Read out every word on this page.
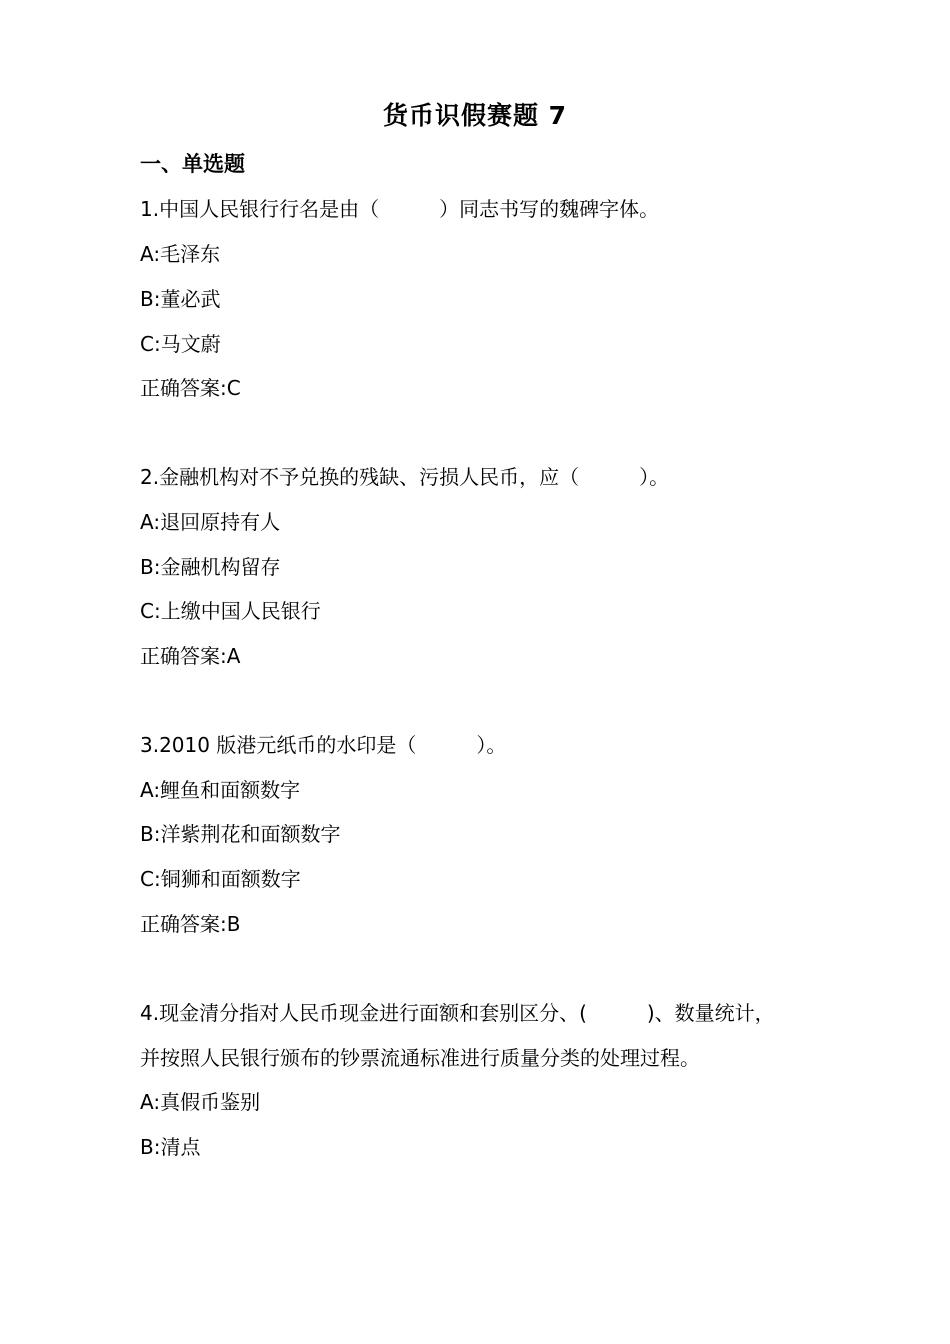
货币识假赛题 7
一、单选题
1.中国人民银行行名是由（　　　）同志书写的魏碑字体。
A:毛泽东
B:董必武
C:马文蔚
正确答案:C
2.金融机构对不予兑换的残缺、污损人民币，应（　　　）。
A:退回原持有人
B:金融机构留存
C:上缴中国人民银行
正确答案:A
3.2010 版港元纸币的水印是（　　　）。
A:鲤鱼和面额数字
B:洋紫荆花和面额数字
C:铜狮和面额数字
正确答案:B
4.现金清分指对人民币现金进行面额和套别区分、(　　　)、数量统计，
并按照人民银行颁布的钞票流通标准进行质量分类的处理过程。
A:真假币鉴别
B:清点
